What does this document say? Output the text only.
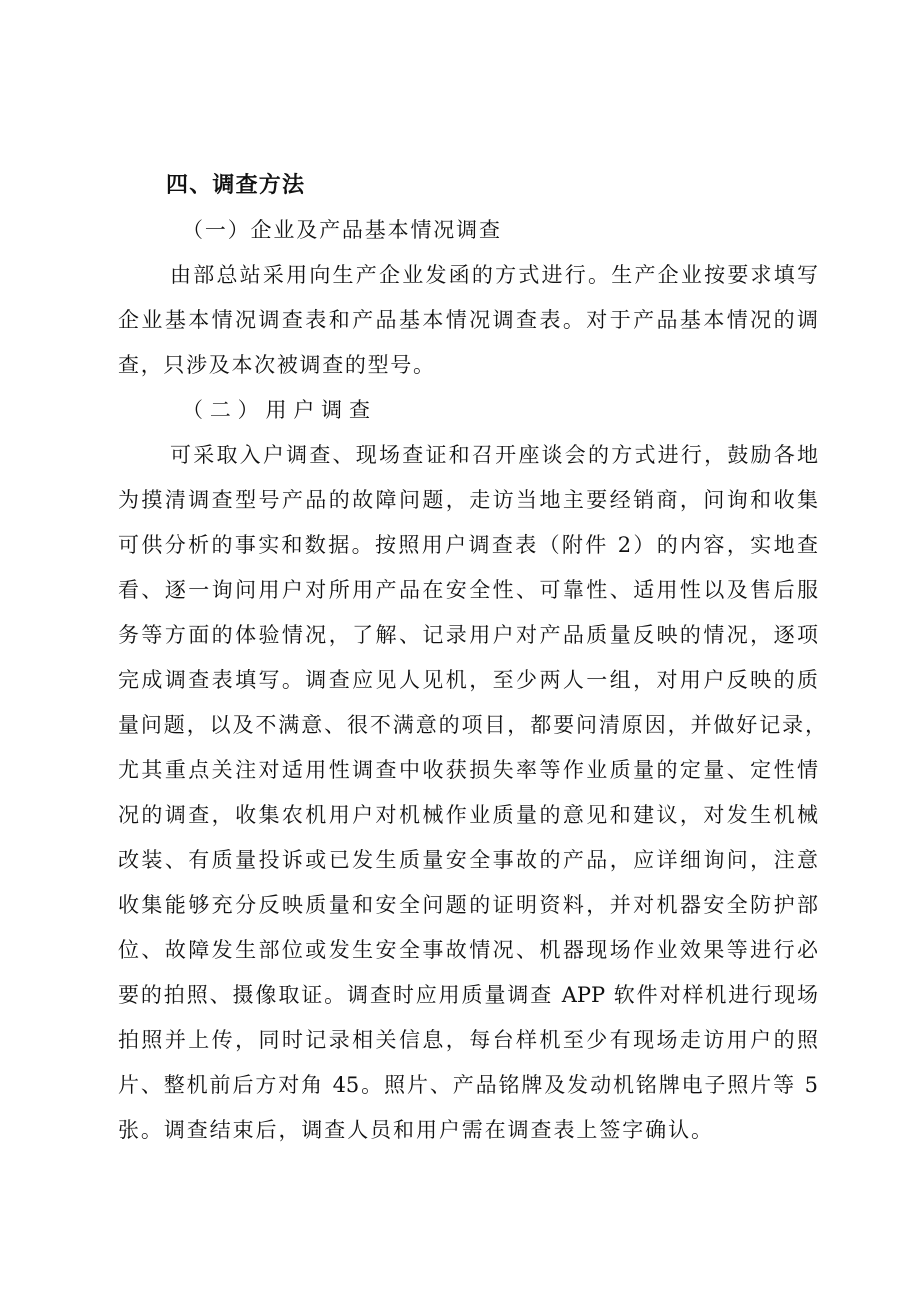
四、调查方法
（一）企业及产品基本情况调查
由部总站采用向生产企业发函的方式进行。生产企业按要求填写
企业基本情况调查表和产品基本情况调查表。对于产品基本情况的调
查，只涉及本次被调查的型号。
（二）用户调查
可采取入户调查、现场查证和召开座谈会的方式进行，鼓励各地
为摸清调查型号产品的故障问题，走访当地主要经销商，问询和收集
可供分析的事实和数据。按照用户调查表（附件 2）的内容，实地查
看、逐一询问用户对所用产品在安全性、可靠性、适用性以及售后服
务等方面的体验情况，了解、记录用户对产品质量反映的情况，逐项
完成调查表填写。调查应见人见机，至少两人一组，对用户反映的质
量问题，以及不满意、很不满意的项目，都要问清原因，并做好记录，
尤其重点关注对适用性调查中收获损失率等作业质量的定量、定性情
况的调查，收集农机用户对机械作业质量的意见和建议，对发生机械
改装、有质量投诉或已发生质量安全事故的产品，应详细询问，注意
收集能够充分反映质量和安全问题的证明资料，并对机器安全防护部
位、故障发生部位或发生安全事故情况、机器现场作业效果等进行必
要的拍照、摄像取证。调查时应用质量调查 APP 软件对样机进行现场
拍照并上传，同时记录相关信息，每台样机至少有现场走访用户的照
片、整机前后方对角 45。照片、产品铭牌及发动机铭牌电子照片等 5
张。调查结束后，调查人员和用户需在调查表上签字确认。
